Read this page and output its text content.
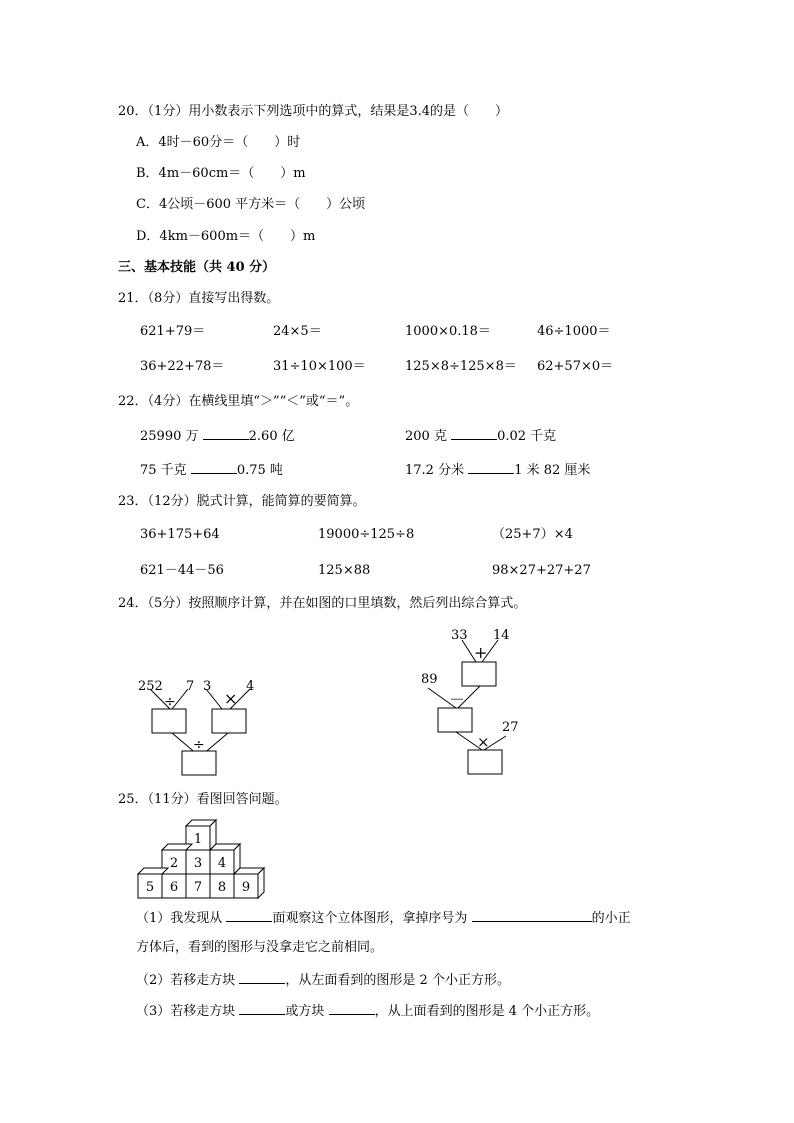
20．（1分）用小数表示下列选项中的算式，结果是3.4的是（　　）
A．4时－60分＝（　　）时
B．4m－60cm＝（　　）m
C．4公顷－600 平方米＝（　　）公顷
D．4km－600m＝（　　）m
三、基本技能（共 40 分）
21．（8分）直接写出得数。
621+79＝	24×5＝	1000×0.18＝	46÷1000＝
36+22+78＝	31÷10×100＝	125×8÷125×8＝ 62+57×0＝
22．（4分）在横线里填“＞”“＜”或“＝”。
25990 万	2.60 亿	200 克	0.02 千克
75 千克	0.75 吨	17.2 分米	1 米 82 厘米
23．（12分）脱式计算，能简算的要简算。
36+175+64	19000÷125÷8	（25+7）×4
621－44－56	125×88	98×27+27+27
24．（5分）按照顺序计算，并在如图的口里填数，然后列出综合算式。
252 7 3	4
÷	×
÷
33 14
89
27
+
－
×
25．（11分）看图回答问题。
1
2 3 4
5 6 7 8 9
（1）我发现从	面观察这个立体图形，拿掉序号为	的小正
方体后，看到的图形与没拿走它之前相同。
（2）若移走方块	，从左面看到的图形是 2 个小正方形。
（3）若移走方块	或方块	，从上面看到的图形是 4 个小正方形。
